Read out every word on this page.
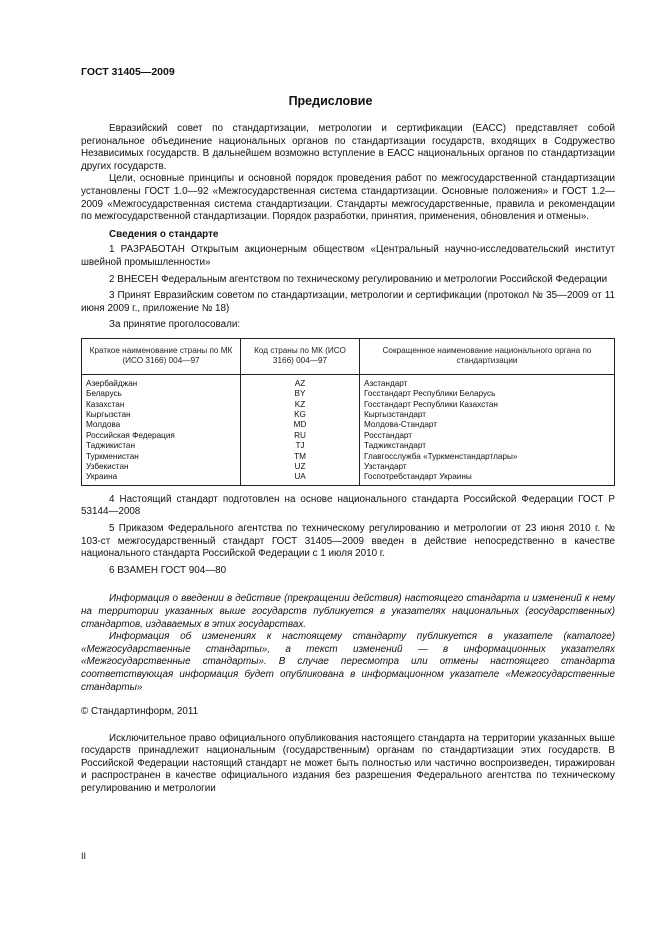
ГОСТ 31405—2009
Предисловие

Евразийский совет по стандартизации, метрологии и сертификации (ЕАСС) представляет собой региональное объединение национальных органов по стандартизации государств, входящих в Содружество Независимых государств. В дальнейшем возможно вступление в ЕАСС национальных органов по стандартизации других государств.

Цели, основные принципы и основной порядок проведения работ по межгосударственной стандартизации установлены ГОСТ 1.0—92 «Межгосударственная система стандартизации. Основные положения» и ГОСТ 1.2—2009 «Межгосударственная система стандартизации. Стандарты межгосударственные, правила и рекомендации по межгосударственной стандартизации. Порядок разработки, принятия, применения, обновления и отмены».

Сведения о стандарте

1 РАЗРАБОТАН Открытым акционерным обществом «Центральный научно-исследовательский институт швейной промышленности»

2 ВНЕСЕН Федеральным агентством по техническому регулированию и метрологии Российской Федерации

3 Принят Евразийским советом по стандартизации, метрологии и сертификации (протокол № 35—2009 от 11 июня 2009 г., приложение № 18)

За принятие проголосовали:

Краткое наименование страны по МК (ИСО 3166) 004—97	Код страны по МК (ИСО 3166) 004—97	Сокращенное наименование национального органа по стандартизации
Азербайджан	AZ	Азстандарт
Беларусь	BY	Госстандарт Республики Беларусь
Казахстан	KZ	Госстандарт Республики Казахстан
Кыргызстан	KG	Кыргызстандарт
Молдова	MD	Молдова-Стандарт
Российская Федерация	RU	Росстандарт
Таджикистан	TJ	Таджикстандарт
Туркменистан	TM	Главгосслужба «Туркменстандартлары»
Узбекистан	UZ	Узстандарт
Украина	UA	Госпотребстандарт Украины

4 Настоящий стандарт подготовлен на основе национального стандарта Российской Федерации ГОСТ Р 53144—2008

5 Приказом Федерального агентства по техническому регулированию и метрологии от 23 июня 2010 г. № 103-ст межгосударственный стандарт ГОСТ 31405—2009 введен в действие непосредственно в качестве национального стандарта Российской Федерации с 1 июля 2010 г.

6 ВЗАМЕН ГОСТ 904—80

Информация о введении в действие (прекращении действия) настоящего стандарта и изменений к нему на территории указанных выше государств публикуется в указателях национальных (государственных) стандартов, издаваемых в этих государствах.

Информация об изменениях к настоящему стандарту публикуется в указателе (каталоге) «Межгосударственные стандарты», а текст изменений — в информационных указателях «Межгосударственные стандарты». В случае пересмотра или отмены настоящего стандарта соответствующая информация будет опубликована в информационном указателе «Межгосударственные стандарты»

© Стандартинформ, 2011

Исключительное право официального опубликования настоящего стандарта на территории указанных выше государств принадлежит национальным (государственным) органам по стандартизации этих государств. В Российской Федерации настоящий стандарт не может быть полностью или частично воспроизведен, тиражирован и распространен в качестве официального издания без разрешения Федерального агентства по техническому регулированию и метрологии

II
